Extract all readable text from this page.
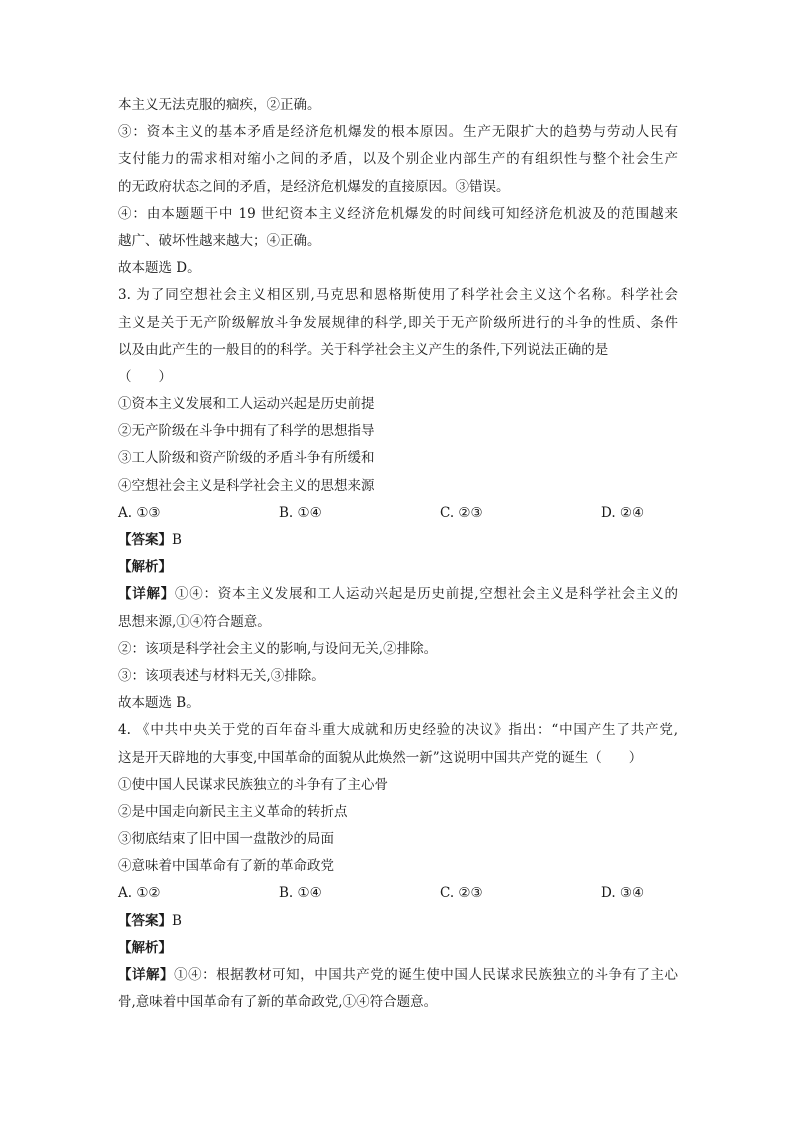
本主义无法克服的痼疾，②正确。
③：资本主义的基本矛盾是经济危机爆发的根本原因。生产无限扩大的趋势与劳动人民有
支付能力的需求相对缩小之间的矛盾，以及个别企业内部生产的有组织性与整个社会生产
的无政府状态之间的矛盾，是经济危机爆发的直接原因。③错误。
④：由本题题干中 19 世纪资本主义经济危机爆发的时间线可知经济危机波及的范围越来
越广、破坏性越来越大；④正确。
故本题选 D。
3. 为了同空想社会主义相区别,马克思和恩格斯使用了科学社会主义这个名称。科学社会
主义是关于无产阶级解放斗争发展规律的科学,即关于无产阶级所进行的斗争的性质、条件
以及由此产生的一般目的的科学。关于科学社会主义产生的条件,下列说法正确的是
（　　）
①资本主义发展和工人运动兴起是历史前提
②无产阶级在斗争中拥有了科学的思想指导
③工人阶级和资产阶级的矛盾斗争有所缓和
④空想社会主义是科学社会主义的思想来源
A. ①③	B. ①④	C. ②③	D. ②④
【答案】B
【解析】
【详解】①④：资本主义发展和工人运动兴起是历史前提,空想社会主义是科学社会主义的
思想来源,①④符合题意。
②：该项是科学社会主义的影响,与设问无关,②排除。
③：该项表述与材料无关,③排除。
故本题选 B。
4. 《中共中央关于党的百年奋斗重大成就和历史经验的决议》指出：“中国产生了共产党,
这是开天辟地的大事变,中国革命的面貌从此焕然一新”这说明中国共产党的诞生（　　）
①使中国人民谋求民族独立的斗争有了主心骨
②是中国走向新民主主义革命的转折点
③彻底结束了旧中国一盘散沙的局面
④意味着中国革命有了新的革命政党
A. ①②	B. ①④	C. ②③	D. ③④
【答案】B
【解析】
【详解】①④：根据教材可知，中国共产党的诞生使中国人民谋求民族独立的斗争有了主心
骨,意味着中国革命有了新的革命政党,①④符合题意。
